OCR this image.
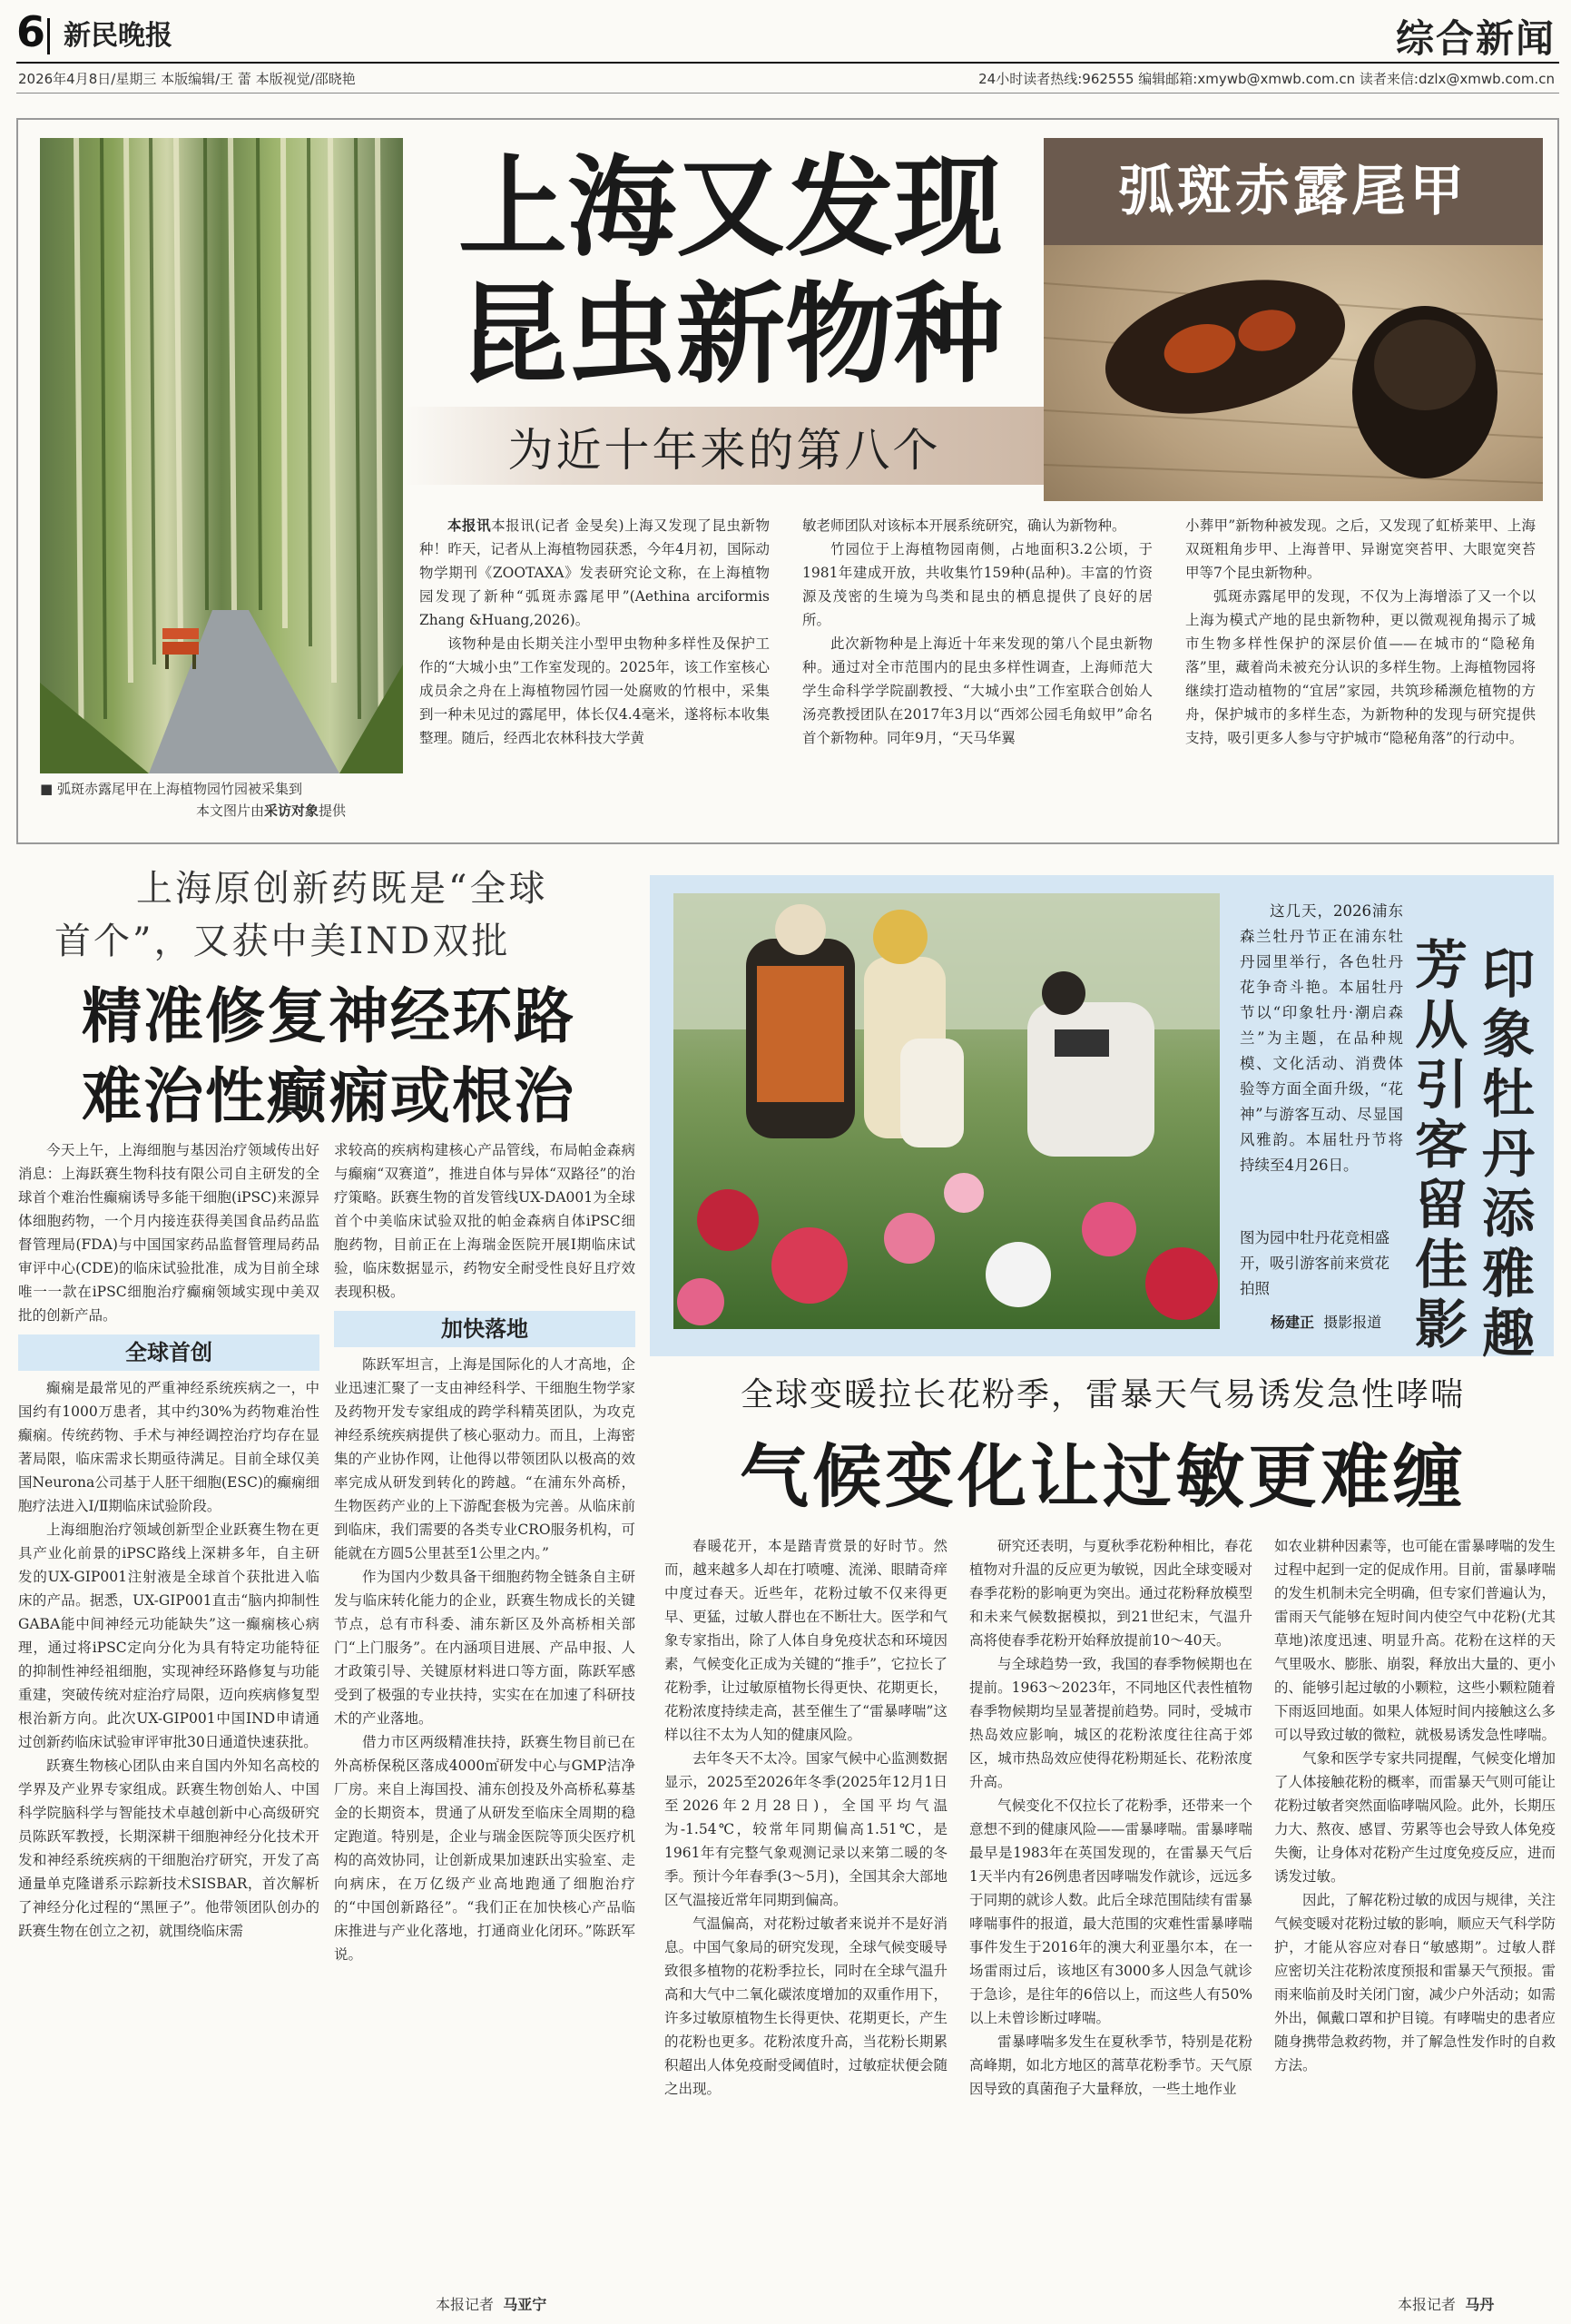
6 新民晚报	综合新闻
2026年4月8日/星期三 本版编辑/王 蕾 本版视觉/邵晓艳	24小时读者热线:962555 编辑邮箱:xmywb@xmwb.com.cn 读者来信:dzlx@xmwb.com.cn
■ 弧斑赤露尾甲在上海植物园竹园被采集到
本文图片由采访对象提供
弧斑赤露尾甲
上海又发现
昆虫新物种
为近十年来的第八个

本报讯本报讯(记者 金旻矣)上海又发现了昆虫新物种！昨天，记者从上海植物园获悉，今年4月初，国际动物学期刊《ZOOTAXA》发表研究论文称，在上海植物园发现了新种“弧斑赤露尾甲”(Aethina arciformis Zhang &Huang,2026)。

该物种是由长期关注小型甲虫物种多样性及保护工作的“大城小虫”工作室发现的。2025年，该工作室核心成员余之舟在上海植物园竹园一处腐败的竹根中，采集到一种未见过的露尾甲，体长仅4.4毫米，遂将标本收集整理。随后，经西北农林科技大学黄

敏老师团队对该标本开展系统研究，确认为新物种。

竹园位于上海植物园南侧，占地面积3.2公顷，于1981年建成开放，共收集竹159种(品种)。丰富的竹资源及茂密的生境为鸟类和昆虫的栖息提供了良好的居所。

此次新物种是上海近十年来发现的第八个昆虫新物种。通过对全市范围内的昆虫多样性调查，上海师范大学生命科学学院副教授、“大城小虫”工作室联合创始人汤亮教授团队在2017年3月以“西郊公园毛角蚁甲”命名首个新物种。同年9月，“天马华翼

小葬甲”新物种被发现。之后，又发现了虹桥莱甲、上海双斑粗角步甲、上海普甲、异谢宽突苔甲、大眼宽突苔甲等7个昆虫新物种。

弧斑赤露尾甲的发现，不仅为上海增添了又一个以上海为模式产地的昆虫新物种，更以微观视角揭示了城市生物多样性保护的深层价值——在城市的“隐秘角落”里，藏着尚未被充分认识的多样生物。上海植物园将继续打造动植物的“宜居”家园，共筑珍稀濒危植物的方舟，保护城市的多样生态，为新物种的发现与研究提供支持，吸引更多人参与守护城市“隐秘角落”的行动中。

上海原创新药既是“全球
首个”，又获中美IND双批
精准修复神经环路
难治性癫痫或根治

今天上午，上海细胞与基因治疗领域传出好消息：上海跃赛生物科技有限公司自主研发的全球首个难治性癫痫诱导多能干细胞(iPSC)来源异体细胞药物，一个月内接连获得美国食品药品监督管理局(FDA)与中国国家药品监督管理局药品审评中心(CDE)的临床试验批准，成为目前全球唯一一款在iPSC细胞治疗癫痫领域实现中美双批的创新产品。

全球首创

癫痫是最常见的严重神经系统疾病之一，中国约有1000万患者，其中约30%为药物难治性癫痫。传统药物、手术与神经调控治疗均存在显著局限，临床需求长期亟待满足。目前全球仅美国Neurona公司基于人胚干细胞(ESC)的癫痫细胞疗法进入Ⅰ/Ⅱ期临床试验阶段。

上海细胞治疗领域创新型企业跃赛生物在更具产业化前景的iPSC路线上深耕多年，自主研发的UX-GIP001注射液是全球首个获批进入临床的产品。据悉，UX-GIP001直击“脑内抑制性GABA能中间神经元功能缺失”这一癫痫核心病理，通过将iPSC定向分化为具有特定功能特征的抑制性神经祖细胞，实现神经环路修复与功能重建，突破传统对症治疗局限，迈向疾病修复型根治新方向。此次UX-GIP001中国IND申请通过创新药临床试验审评审批30日通道快速获批。

跃赛生物核心团队由来自国内外知名高校的学界及产业界专家组成。跃赛生物创始人、中国科学院脑科学与智能技术卓越创新中心高级研究员陈跃军教授，长期深耕干细胞神经分化技术开发和神经系统疾病的干细胞治疗研究，开发了高通量单克隆谱系示踪新技术SISBAR，首次解析了神经分化过程的“黑匣子”。他带领团队创办的跃赛生物在创立之初，就围绕临床需

求较高的疾病构建核心产品管线，布局帕金森病与癫痫“双赛道”，推进自体与异体“双路径”的治疗策略。跃赛生物的首发管线UX-DA001为全球首个中美临床试验双批的帕金森病自体iPSC细胞药物，目前正在上海瑞金医院开展Ⅰ期临床试验，临床数据显示，药物安全耐受性良好且疗效表现积极。

加快落地

陈跃军坦言，上海是国际化的人才高地，企业迅速汇聚了一支由神经科学、干细胞生物学家及药物开发专家组成的跨学科精英团队，为攻克神经系统疾病提供了核心驱动力。而且，上海密集的产业协作网，让他得以带领团队以极高的效率完成从研发到转化的跨越。“在浦东外高桥，生物医药产业的上下游配套极为完善。从临床前到临床，我们需要的各类专业CRO服务机构，可能就在方圆5公里甚至1公里之内。”

作为国内少数具备干细胞药物全链条自主研发与临床转化能力的企业，跃赛生物成长的关键节点，总有市科委、浦东新区及外高桥相关部门“上门服务”。在内涵项目进展、产品申报、人才政策引导、关键原材料进口等方面，陈跃军感受到了极强的专业扶持，实实在在加速了科研技术的产业落地。

借力市区两级精准扶持，跃赛生物目前已在外高桥保税区落成4000㎡研发中心与GMP洁净厂房。来自上海国投、浦东创投及外高桥私募基金的长期资本，贯通了从研发至临床全周期的稳定跑道。特别是，企业与瑞金医院等顶尖医疗机构的高效协同，让创新成果加速跃出实验室、走向病床，在万亿级产业高地跑通了细胞治疗的“中国创新路径”。“我们正在加快核心产品临床推进与产业化落地，打通商业化闭环。”陈跃军说。

本报记者 马亚宁
这几天，2026浦东森兰牡丹节正在浦东牡丹园里举行，各色牡丹花争奇斗艳。本届牡丹节以“印象牡丹·潮启森兰”为主题，在品种规模、文化活动、消费体验等方面全面升级，“花神”与游客互动、尽显国风雅韵。本届牡丹节将持续至4月26日。
图为园中牡丹花竞相盛开，吸引游客前来赏花拍照
杨建正 摄影报道
印象牡丹添雅趣
芳从引客留佳影
全球变暖拉长花粉季，雷暴天气易诱发急性哮喘
气候变化让过敏更难缠

春暖花开，本是踏青赏景的好时节。然而，越来越多人却在打喷嚏、流涕、眼睛奇痒中度过春天。近些年，花粉过敏不仅来得更早、更猛，过敏人群也在不断壮大。医学和气象专家指出，除了人体自身免疫状态和环境因素，气候变化正成为关键的“推手”，它拉长了花粉季，让过敏原植物长得更快、花期更长，花粉浓度持续走高，甚至催生了“雷暴哮喘”这样以往不太为人知的健康风险。

去年冬天不太冷。国家气候中心监测数据显示，2025至2026年冬季(2025年12月1日至2026年2月28日)，全国平均气温为-1.54℃，较常年同期偏高1.51℃，是1961年有完整气象观测记录以来第二暖的冬季。预计今年春季(3～5月)，全国其余大部地区气温接近常年同期到偏高。

气温偏高，对花粉过敏者来说并不是好消息。中国气象局的研究发现，全球气候变暖导致很多植物的花粉季拉长，同时在全球气温升高和大气中二氧化碳浓度增加的双重作用下，许多过敏原植物生长得更快、花期更长，产生的花粉也更多。花粉浓度升高，当花粉长期累积超出人体免疫耐受阈值时，过敏症状便会随之出现。

研究还表明，与夏秋季花粉种相比，春花植物对升温的反应更为敏锐，因此全球变暖对春季花粉的影响更为突出。通过花粉释放模型和未来气候数据模拟，到21世纪末，气温升高将使春季花粉开始释放提前10～40天。

与全球趋势一致，我国的春季物候期也在提前。1963～2023年，不同地区代表性植物春季物候期均呈显著提前趋势。同时，受城市热岛效应影响，城区的花粉浓度往往高于郊区，城市热岛效应使得花粉期延长、花粉浓度升高。

气候变化不仅拉长了花粉季，还带来一个意想不到的健康风险——雷暴哮喘。雷暴哮喘最早是1983年在英国发现的，在雷暴天气后1天半内有26例患者因哮喘发作就诊，远远多于同期的就诊人数。此后全球范围陆续有雷暴哮喘事件的报道，最大范围的灾难性雷暴哮喘事件发生于2016年的澳大利亚墨尔本，在一场雷雨过后，该地区有3000多人因急气就诊于急诊，是往年的6倍以上，而这些人有50%以上未曾诊断过哮喘。

雷暴哮喘多发生在夏秋季节，特别是花粉高峰期，如北方地区的蒿草花粉季节。天气原因导致的真菌孢子大量释放，一些土地作业

如农业耕种因素等，也可能在雷暴哮喘的发生过程中起到一定的促成作用。目前，雷暴哮喘的发生机制未完全明确，但专家们普遍认为，雷雨天气能够在短时间内使空气中花粉(尤其草地)浓度迅速、明显升高。花粉在这样的天气里吸水、膨胀、崩裂，释放出大量的、更小的、能够引起过敏的小颗粒，这些小颗粒随着下雨返回地面。如果人体短时间内接触这么多可以导致过敏的微粒，就极易诱发急性哮喘。

气象和医学专家共同提醒，气候变化增加了人体接触花粉的概率，而雷暴天气则可能让花粉过敏者突然面临哮喘风险。此外，长期压力大、熬夜、感冒、劳累等也会导致人体免疫失衡，让身体对花粉产生过度免疫反应，进而诱发过敏。

因此，了解花粉过敏的成因与规律，关注气候变暖对花粉过敏的影响，顺应天气科学防护，才能从容应对春日“敏感期”。过敏人群应密切关注花粉浓度预报和雷暴天气预报。雷雨来临前及时关闭门窗，减少户外活动；如需外出，佩戴口罩和护目镜。有哮喘史的患者应随身携带急救药物，并了解急性发作时的自救方法。

本报记者 马丹
